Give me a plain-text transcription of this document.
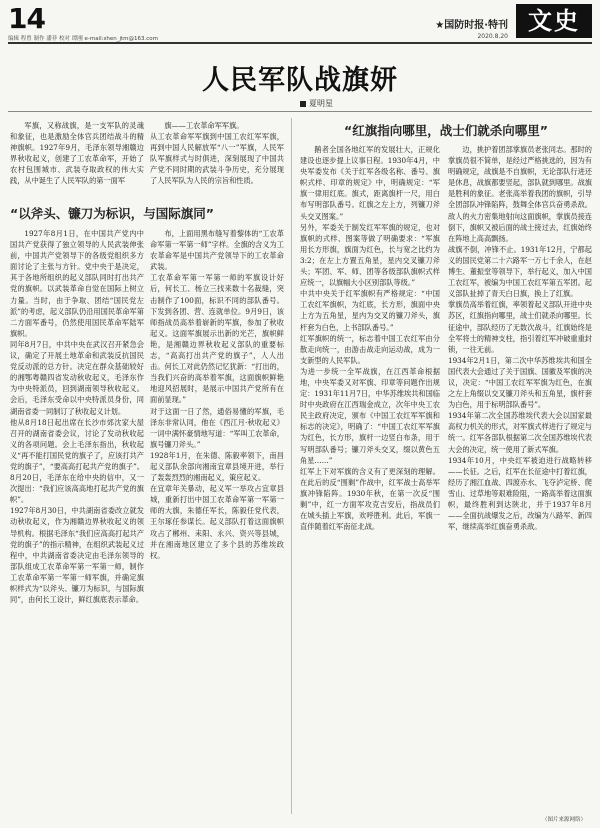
14
编辑 程曾 制作 潘菲 校对 谭刚 e-mail:shen_jtm@163.com
★国防时报·特刊
2020.8.20
文史
人民军队战旗妍
夏明星

军旗，又称战旗，是一支军队的灵魂和象征，也是激励全体官兵团结战斗的精神旗帜。1927年9月，毛泽东领导湘赣边界秋收起义，创建了工农革命军，开始了农村包围城市、武装夺取政权的伟大实践，从中诞生了人民军队的第一面军

旗——工农革命军军旗。
从工农革命军军旗到中国工农红军军旗，再到中国人民解放军“八一”军旗，人民军队军旗样式与时俱进，深刻展现了中国共产党不同时期的武装斗争历史，充分展现了人民军队为人民的宗旨和性质。

“以斧头、镰刀为标识，与国际旗同”
“红旗指向哪里，战士们就杀向哪里”

1927年8月1日，在中国共产党内中国共产党获得了独立领导的人民武装伸张前，中国共产党领导下的各级党组织多方面讨论了主张与方针。党中央于是决定，其于各地所组织的起义部队同时打出共产党的旗帜。以武装革命自觉在国际上树立力量。当时，由于争取、团结“国民党左派”的考虑，起义部队仍沿用国民革命军第二方面军番号，仍然使用国民革命军陆军旗帜。
同年8月7日，中共中央在武汉召开紧急会议，确定了开展土地革命和武装反抗国民党反动派的总方针。决定在群众基础较好的湘鄂粤赣四省发动秋收起义，毛泽东作为中央特派员，回到湖南领导秋收起义。会后，毛泽东受命以中央特派员身份，同湖南省委一同制订了秋收起义计划。
他从8月18日起出席在长沙市郊沈家大屋召开的湖南省委会议，讨论了发动秋收起义的各项问题。会上毛泽东指出，秋收起义“再不能打国民党的旗子了，应该打共产党的旗子”，“要高高打起共产党的旗子”。8月20日，毛泽东在给中央的信中，又一次提出：“我们应该高高地打起共产党的旗帜”。
1927年8月30日，中共湖南省委改立就发动秋收起义，作为湘赣边界秋收起义的领导机构。根据毛泽东“我们应高高打起共产党的旗子”的指示精神，在组织武装起义过程中，中共湖南省委决定由毛泽东领导的部队组成工农革命军第一军第一师，制作工农革命军第一军第一师军旗，并确定旗帜样式为“以斧头、镰刀为标识，与国际旗同”，由何长工设计，鲜红旗底表示革命。

布，上面用黑布缝写着黎体的“工农革命军第一军第一师”字样。全旗的含义为工农革命军是中国共产党领导下的工农革命武装。
工农革命军第一军第一师的军旗设计好后，何长工、杨立三找来数十名裁缝，突击制作了100面，标识不同的部队番号。下发到各团、营、连就单位。9月9日，该师指战员高举着崭新的军旗，参加了秋收起义。这面军旗展示出新的光芒，旗帜鲜艳，是湘赣边界秋收起义部队的重要标志，“高高打出共产党的旗子”，人人出击。何长工对此仍然记忆犹新：“打出的，当我们兴奋的高举着军旗，这面旗帜鲜艳地迎风招展时，是展示中国共产党所有在面前显现。”
对于这面一日了然，通俗易懂的军旗，毛泽东非常认同，他在《西江月·秋收起义》一词中满怀豪情地写道：“军叫工农革命，旗号镰刀斧头。”
1928年1月，在朱德、陈毅率领下，南昌起义部队余部向湘南宜章县境开进，举行了轰轰烈烈的湘南起义，策应起义。
在宜章年关暴动，起义军一举攻占宜章县城，重新打出中国工农革命军第一军第一师的大旗，朱德任军长，陈毅任党代表，王尔琢任参谋长。起义部队打着这面旗帜攻占了郴州、耒阳、永兴、资兴等县城，并在湘南地区建立了多个县的苏维埃政权。

鹅者全国各地红军的发展壮大，正规化建设也逐步提上议事日程。1930年4月，中央军委发布《关于红军各级名称、番号、旗帜式样、印章的规定》中，明确规定：“军旗一律用红底。旗式，距离旗杆一尺，用白布写明部队番号。红旗之左上方，列镰刀斧头交叉图案。”
另外，军委关于制发红军军旗的规定，也对旗帜的式样、图案等做了明确要求：“军旗用长方形旗，旗面为红色，长与宽之比约为3:2；在左上方置五角星，星内交叉镰刀斧头；军团、军、师、团等各级部队旗帜式样应统一，以旗幅大小区别部队等级。”
中共中央关于红军旗帜有严格规定：“中国工农红军旗帜，为红底，长方形，旗面中央上方为五角星，星内为交叉的镰刀斧头，旗杆套为白色，上书部队番号。”
红军旗帜的统一，标志着中国工农红军由分散走向统一，由游击战走向运动战，成为一支新型的人民军队。
为进一步统一全军战旗，在江西革命根据地，中央军委又对军旗、印章等问题作出规定：1931年11月7日，中华苏维埃共和国临时中央政府在江西瑞金成立，次年中央工农民主政府决定，颁布《中国工农红军军旗和标志的决定》，明确了：“中国工农红军军旗为红色，长方形，旗杆一边竖白布条，用于写明部队番号；镰刀斧头交叉，缀以黄色五角星……”
红军上下对军旗的含义有了更深刻的理解。在此后的反“围剿”作战中，红军战士高举军旗冲锋陷阵。1930年秋，在第一次反“围剿”中，红一方面军攻克吉安后，指战员们在城头插上军旗，欢呼胜利。此后，军旗一直伴随着红军南征北战。

边，挑护着团部掌旗员老张同志。那时的掌旗员很不简单，是经过严格挑选的，因为有明确规定，战旗是不自旗帜，无论部队行进还是休息，战旗都要竖起，部队就到哪里。战旗是胜利的象征。老张高举着我团的旗帜，引导全团部队冲锋陷阵，鼓舞全体官兵奋勇杀敌。敌人的火力密集地射向这面旗帜，掌旗员接连倒下，旗帜又被后面的战士接过去，红旗始终在阵地上高高飘扬。
战旗不倒，冲锋不止。1931年12月，宁都起义的国民党第二十六路军一万七千余人，在赵博生、董振堂等领导下，举行起义，加入中国工农红军，被编为中国工农红军第五军团。起义部队扯掉了青天白日旗，换上了红旗。
掌旗员高举着红旗，率领着起义部队开进中央苏区，红旗指向哪里，战士们就杀向哪里。长征途中，部队经历了无数次战斗，红旗始终是全军将士的精神支柱，指引着红军冲破重重封锁，一往无前。
1934年2月1日，第二次中华苏维埃共和国全国代表大会通过了关于国旗、国徽及军旗的决议，决定：“中国工农红军军旗为红色，在旗之左上角缀以交叉镰刀斧头和五角星，旗杆套为白色，用于标明部队番号”。
1934年第二次全国苏维埃代表大会以国家最高权力机关的形式，对军旗式样进行了规定与统一。红军各部队根据第二次全国苏维埃代表大会的决定，统一使用了新式军旗。
1934年10月，中央红军被迫进行战略转移——长征。之后，红军在长征途中打着红旗，经历了湘江血战、四渡赤水、飞夺泸定桥、爬雪山、过草地等艰难险阻，一路高举着这面旗帜，最终胜利到达陕北，并于1937年8月——全面抗战爆发之后，改编为八路军、新四军，继续高举红旗奋勇杀敌。

（图片来源网络）
